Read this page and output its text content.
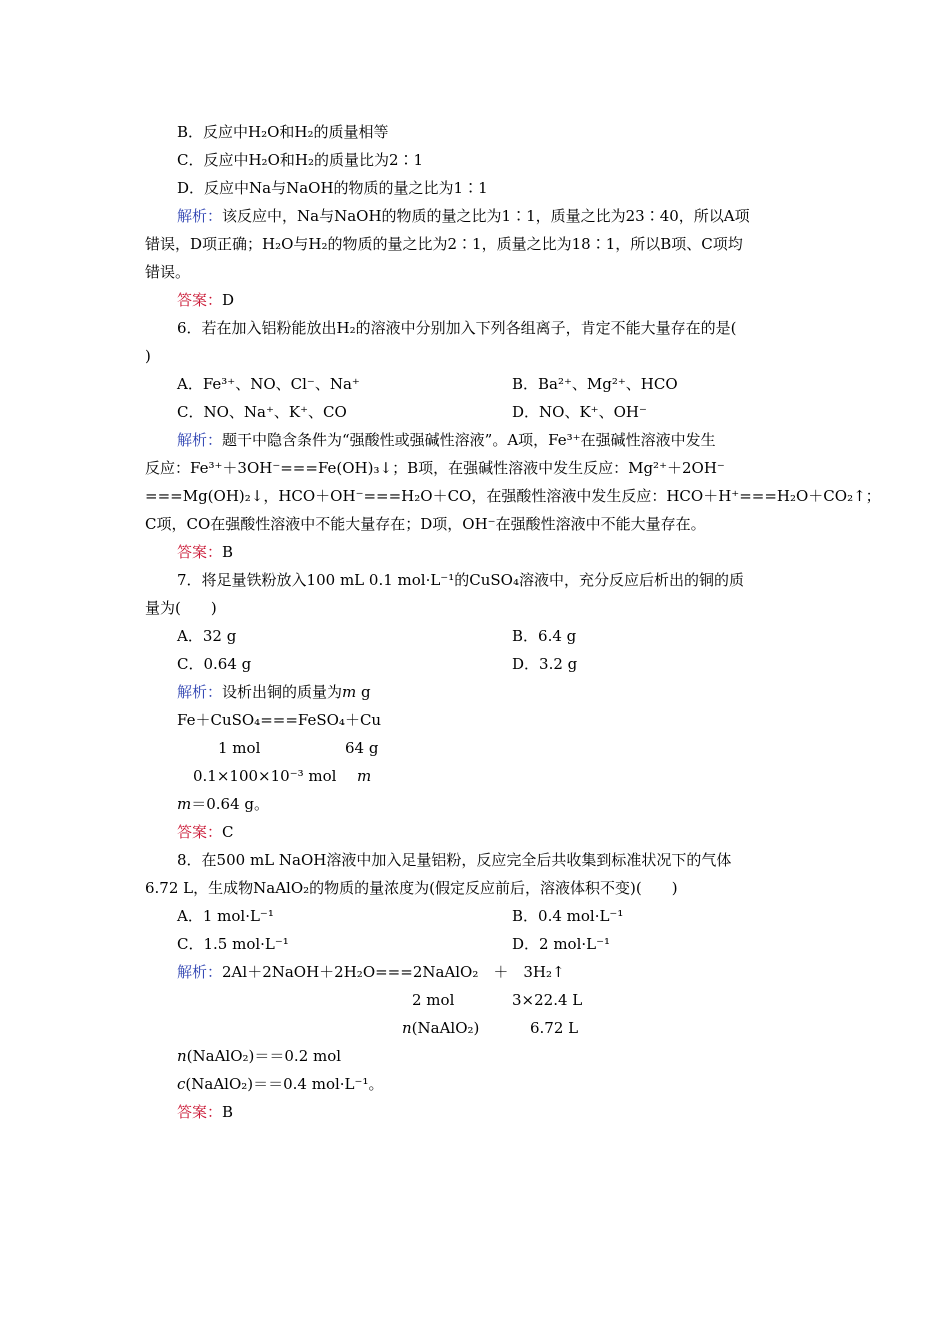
B．反应中H₂O和H₂的质量相等
C．反应中H₂O和H₂的质量比为2∶1
D．反应中Na与NaOH的物质的量之比为1∶1
解析：该反应中，Na与NaOH的物质的量之比为1∶1，质量之比为23∶40，所以A项
错误，D项正确；H₂O与H₂的物质的量之比为2∶1，质量之比为18∶1，所以B项、C项均
错误。
答案：D
6．若在加入铝粉能放出H₂的溶液中分别加入下列各组离子，肯定不能大量存在的是(
)
A．Fe³⁺、NO、Cl⁻、Na⁺	B．Ba²⁺、Mg²⁺、HCO
C．NO、Na⁺、K⁺、CO	D．NO、K⁺、OH⁻
解析：题干中隐含条件为“强酸性或强碱性溶液”。A项，Fe³⁺在强碱性溶液中发生
反应：Fe³⁺＋3OH⁻===Fe(OH)₃↓；B项，在强碱性溶液中发生反应：Mg²⁺＋2OH⁻
===Mg(OH)₂↓，HCO＋OH⁻===H₂O＋CO，在强酸性溶液中发生反应：HCO＋H⁺===H₂O＋CO₂↑；
C项，CO在强酸性溶液中不能大量存在；D项，OH⁻在强酸性溶液中不能大量存在。
答案：B
7．将足量铁粉放入100 mL 0.1 mol·L⁻¹的CuSO₄溶液中，充分反应后析出的铜的质
量为(　　)
A．32 g	B．6.4 g
C．0.64 g	D．3.2 g
解析：设析出铜的质量为m g
Fe＋CuSO₄===FeSO₄＋Cu
1 mol	64 g
0.1×100×10⁻³ mol m
m＝0.64 g。
答案：C
8．在500 mL NaOH溶液中加入足量铝粉，反应完全后共收集到标准状况下的气体
6.72 L，生成物NaAlO₂的物质的量浓度为(假定反应前后，溶液体积不变)(　　)
A．1 mol·L⁻¹	B．0.4 mol·L⁻¹
C．1.5 mol·L⁻¹	D．2 mol·L⁻¹
解析：2Al＋2NaOH＋2H₂O===2NaAlO₂　＋　3H₂↑
2 mol	3×22.4 L
n(NaAlO₂)	6.72 L
n(NaAlO₂)＝＝0.2 mol
c(NaAlO₂)＝＝0.4 mol·L⁻¹。
答案：B
